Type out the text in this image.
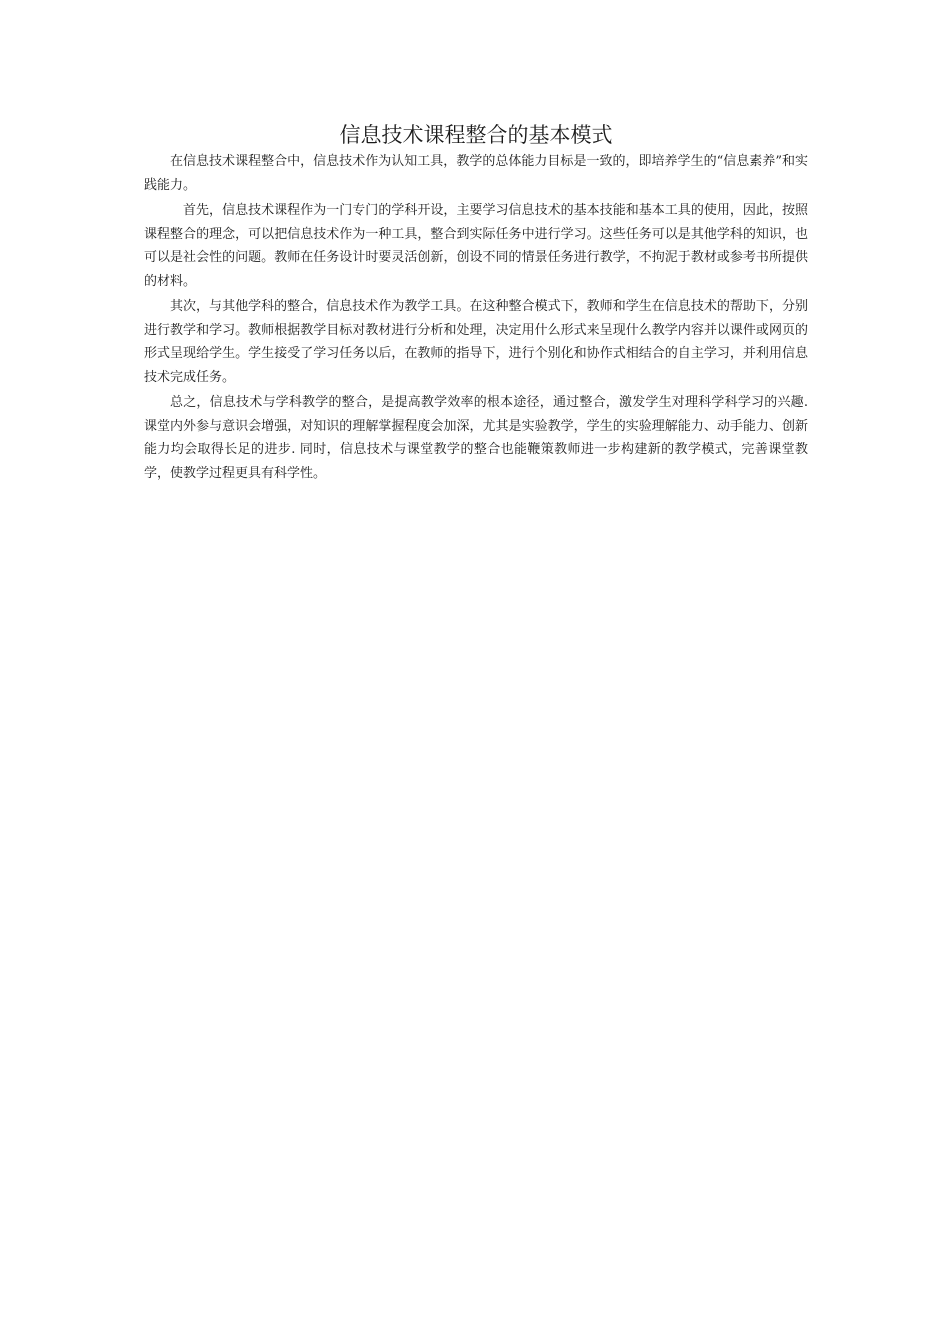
信息技术课程整合的基本模式

在信息技术课程整合中，信息技术作为认知工具，教学的总体能力目标是一致的，即培养学生的“信息素养”和实践能力。

首先，信息技术课程作为一门专门的学科开设，主要学习信息技术的基本技能和基本工具的使用，因此，按照课程整合的理念，可以把信息技术作为一种工具，整合到实际任务中进行学习。这些任务可以是其他学科的知识，也可以是社会性的问题。教师在任务设计时要灵活创新，创设不同的情景任务进行教学，不拘泥于教材或参考书所提供的材料。

其次，与其他学科的整合，信息技术作为教学工具。在这种整合模式下，教师和学生在信息技术的帮助下，分别进行教学和学习。教师根据教学目标对教材进行分析和处理，决定用什么形式来呈现什么教学内容并以课件或网页的形式呈现给学生。学生接受了学习任务以后，在教师的指导下，进行个别化和协作式相结合的自主学习，并利用信息技术完成任务。

总之，信息技术与学科教学的整合，是提高教学效率的根本途径，通过整合，激发学生对理科学科学习的兴趣. 课堂内外参与意识会增强，对知识的理解掌握程度会加深，尤其是实验教学，学生的实验理解能力、动手能力、创新能力均会取得长足的进步. 同时，信息技术与课堂教学的整合也能鞭策教师进一步构建新的教学模式，完善课堂教学，使教学过程更具有科学性。
